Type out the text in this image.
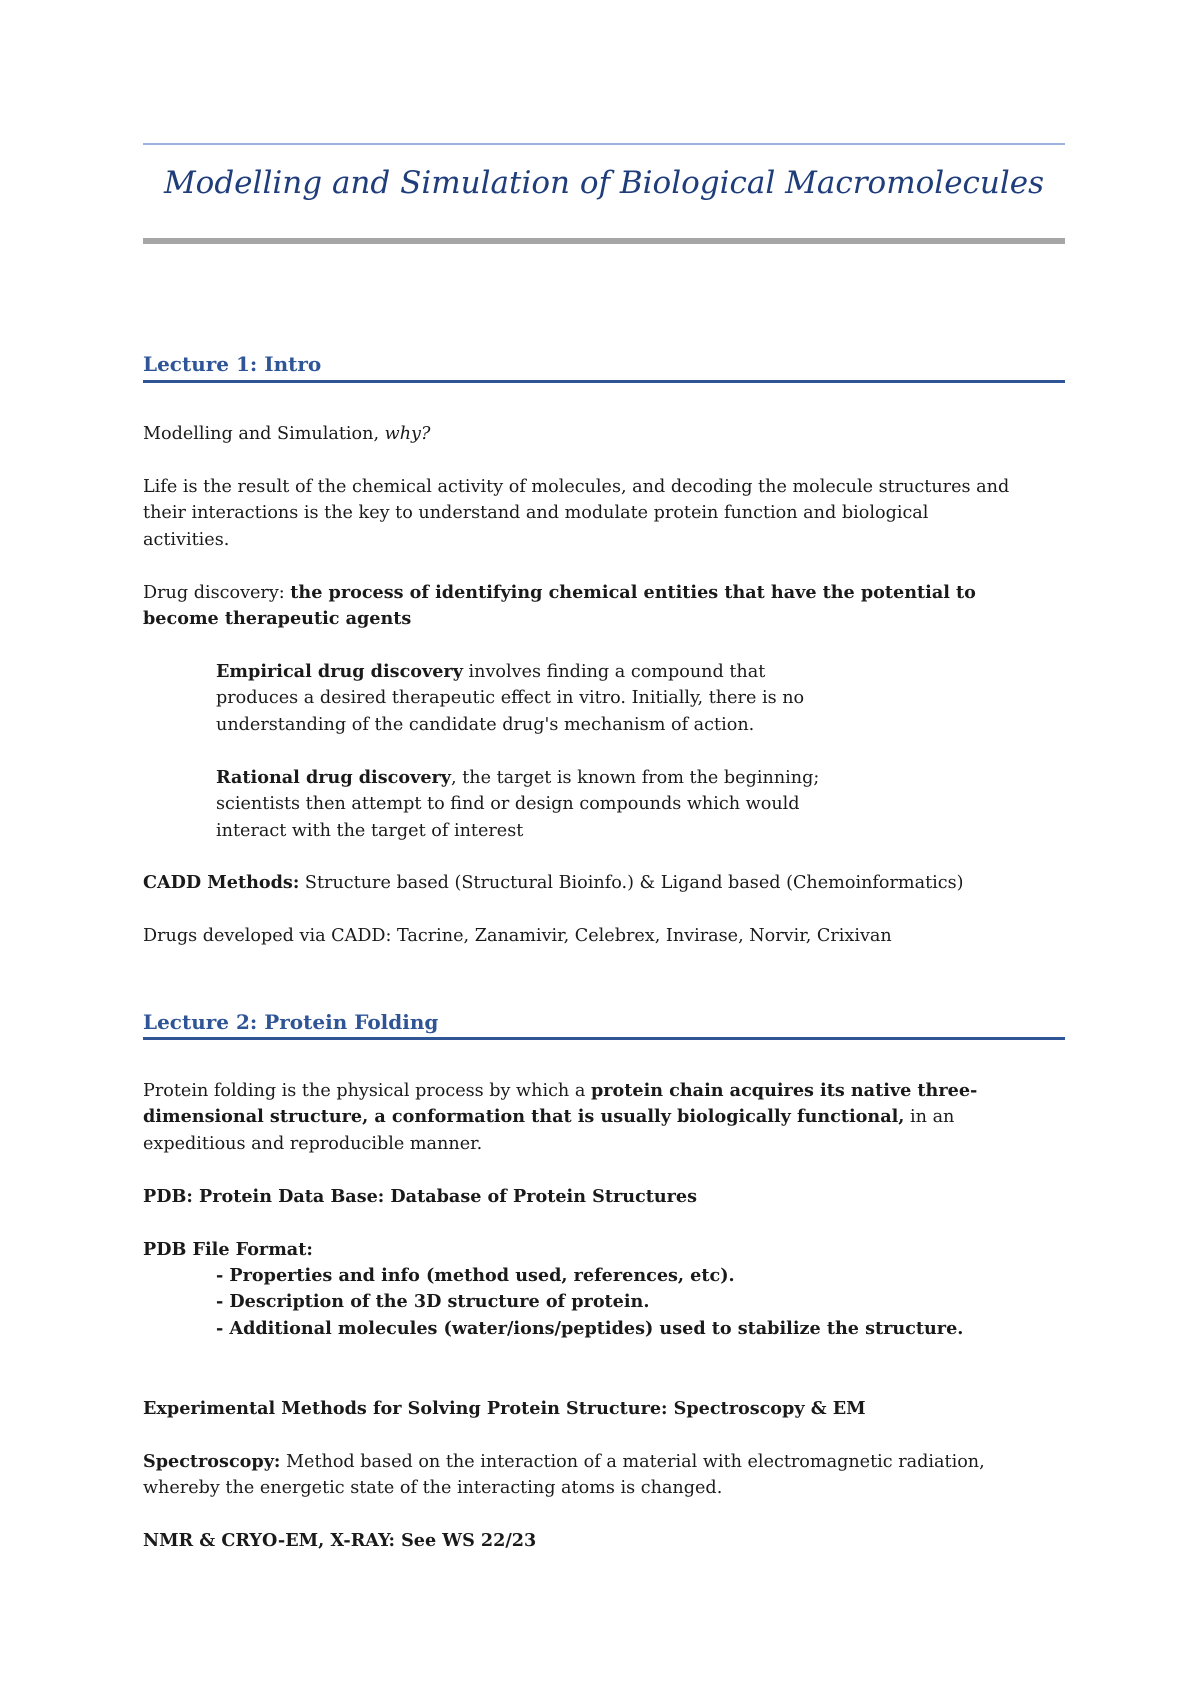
Modelling and Simulation of Biological Macromolecules
Lecture 1: Intro
Modelling and Simulation, why?
Life is the result of the chemical activity of molecules, and decoding the molecule structures and
their interactions is the key to understand and modulate protein function and biological
activities.
Drug discovery: the process of identifying chemical entities that have the potential to
become therapeutic agents
Empirical drug discovery involves finding a compound that
produces a desired therapeutic effect in vitro. Initially, there is no
understanding of the candidate drug's mechanism of action.
Rational drug discovery, the target is known from the beginning;
scientists then attempt to find or design compounds which would
interact with the target of interest
CADD Methods: Structure based (Structural Bioinfo.) & Ligand based (Chemoinformatics)
Drugs developed via CADD: Tacrine, Zanamivir, Celebrex, Invirase, Norvir, Crixivan
Lecture 2: Protein Folding
Protein folding is the physical process by which a protein chain acquires its native three-
dimensional structure, a conformation that is usually biologically functional, in an
expeditious and reproducible manner.
PDB: Protein Data Base: Database of Protein Structures
PDB File Format:
- Properties and info (method used, references, etc).
- Description of the 3D structure of protein.
- Additional molecules (water/ions/peptides) used to stabilize the structure.
Experimental Methods for Solving Protein Structure: Spectroscopy & EM
Spectroscopy: Method based on the interaction of a material with electromagnetic radiation,
whereby the energetic state of the interacting atoms is changed.
NMR & CRYO-EM, X-RAY: See WS 22/23
